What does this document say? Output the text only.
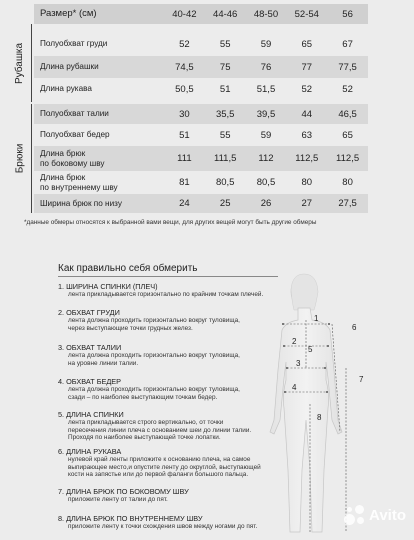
Рубашка
Брюки
Размер* (см)	40-42	44-46	48-50	52-54	56
Полуобхват груди	52	55	59	65	67
Длина рубашки	74,5	75	76	77	77,5
Длина рукава	50,5	51	51,5	52	52
Полуобхват талии	30	35,5	39,5	44	46,5
Полуобхват бедер	51	55	59	63	65
Длина брюк
по боковому шву	111	111,5	112	112,5	112,5
Длина брюк
по внутреннему шву	81	80,5	80,5	80	80
Ширина брюк по низу	24	25	26	27	27,5
*данные обмеры относятся к выбранной вами вещи, для других вещей могут быть другие обмеры
Как правильно себя обмерить
1. ШИРИНА СПИНКИ (ПЛЕЧ)
лента прикладывается горизонтально по крайним точкам плечей.
2. ОБХВАТ ГРУДИ
лента должна проходить горизонтально вокруг туловища,
через выступающие точки грудных желез.
3. ОБХВАТ ТАЛИИ
лента должна проходить горизонтально вокруг туловища,
на уровне линии талии.
4. ОБХВАТ БЕДЕР
лента должна проходить горизонтально вокруг туловища,
сзади – по наиболее выступающим точкам бедер.
5. ДЛИНА СПИНКИ
лента прикладывается строго вертикально, от точки
пересечения линии плеча с основанием шеи до линии талии.
Проходя по наиболее выступающей точке лопатки.
6. ДЛИНА РУКАВА
нулевой край ленты приложите к основанию плеча, на самое
выпирающее место,и опустите ленту до округлой, выступающей
кости на запястье или до первой фаланги большого пальца.
7. ДЛИНА БРЮК ПО БОКОВОМУ ШВУ
приложите ленту от талии до пят.
8. ДЛИНА БРЮК ПО ВНУТРЕННЕМУ ШВУ
приложите ленту к точки схождения швов между ногами до пят.
1
2
3
4
5
6
7
8
Avito
